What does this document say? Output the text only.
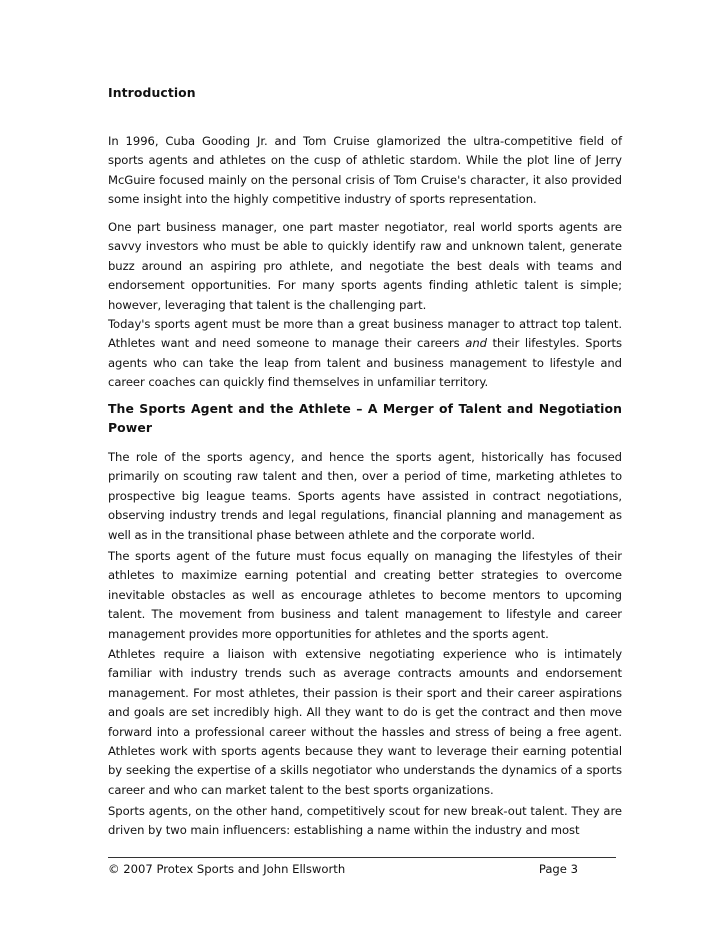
Introduction

In 1996, Cuba Gooding Jr. and Tom Cruise glamorized the ultra-competitive field of sports agents and athletes on the cusp of athletic stardom. While the plot line of Jerry McGuire focused mainly on the personal crisis of Tom Cruise's character, it also provided some insight into the highly competitive industry of sports representation.

One part business manager, one part master negotiator, real world sports agents are savvy investors who must be able to quickly identify raw and unknown talent, generate buzz around an aspiring pro athlete, and negotiate the best deals with teams and endorsement opportunities. For many sports agents finding athletic talent is simple; however, leveraging that talent is the challenging part.

Today's sports agent must be more than a great business manager to attract top talent. Athletes want and need someone to manage their careers and their lifestyles. Sports agents who can take the leap from talent and business management to lifestyle and career coaches can quickly find themselves in unfamiliar territory.

The Sports Agent and the Athlete – A Merger of Talent and Negotiation Power

The role of the sports agency, and hence the sports agent, historically has focused primarily on scouting raw talent and then, over a period of time, marketing athletes to prospective big league teams. Sports agents have assisted in contract negotiations, observing industry trends and legal regulations, financial planning and management as well as in the transitional phase between athlete and the corporate world.

The sports agent of the future must focus equally on managing the lifestyles of their athletes to maximize earning potential and creating better strategies to overcome inevitable obstacles as well as encourage athletes to become mentors to upcoming talent. The movement from business and talent management to lifestyle and career management provides more opportunities for athletes and the sports agent.

Athletes require a liaison with extensive negotiating experience who is intimately familiar with industry trends such as average contracts amounts and endorsement management. For most athletes, their passion is their sport and their career aspirations and goals are set incredibly high. All they want to do is get the contract and then move forward into a professional career without the hassles and stress of being a free agent. Athletes work with sports agents because they want to leverage their earning potential by seeking the expertise of a skills negotiator who understands the dynamics of a sports career and who can market talent to the best sports organizations.

Sports agents, on the other hand, competitively scout for new break-out talent. They are driven by two main influencers: establishing a name within the industry and most

© 2007 Protex Sports and John Ellsworth	Page 3
